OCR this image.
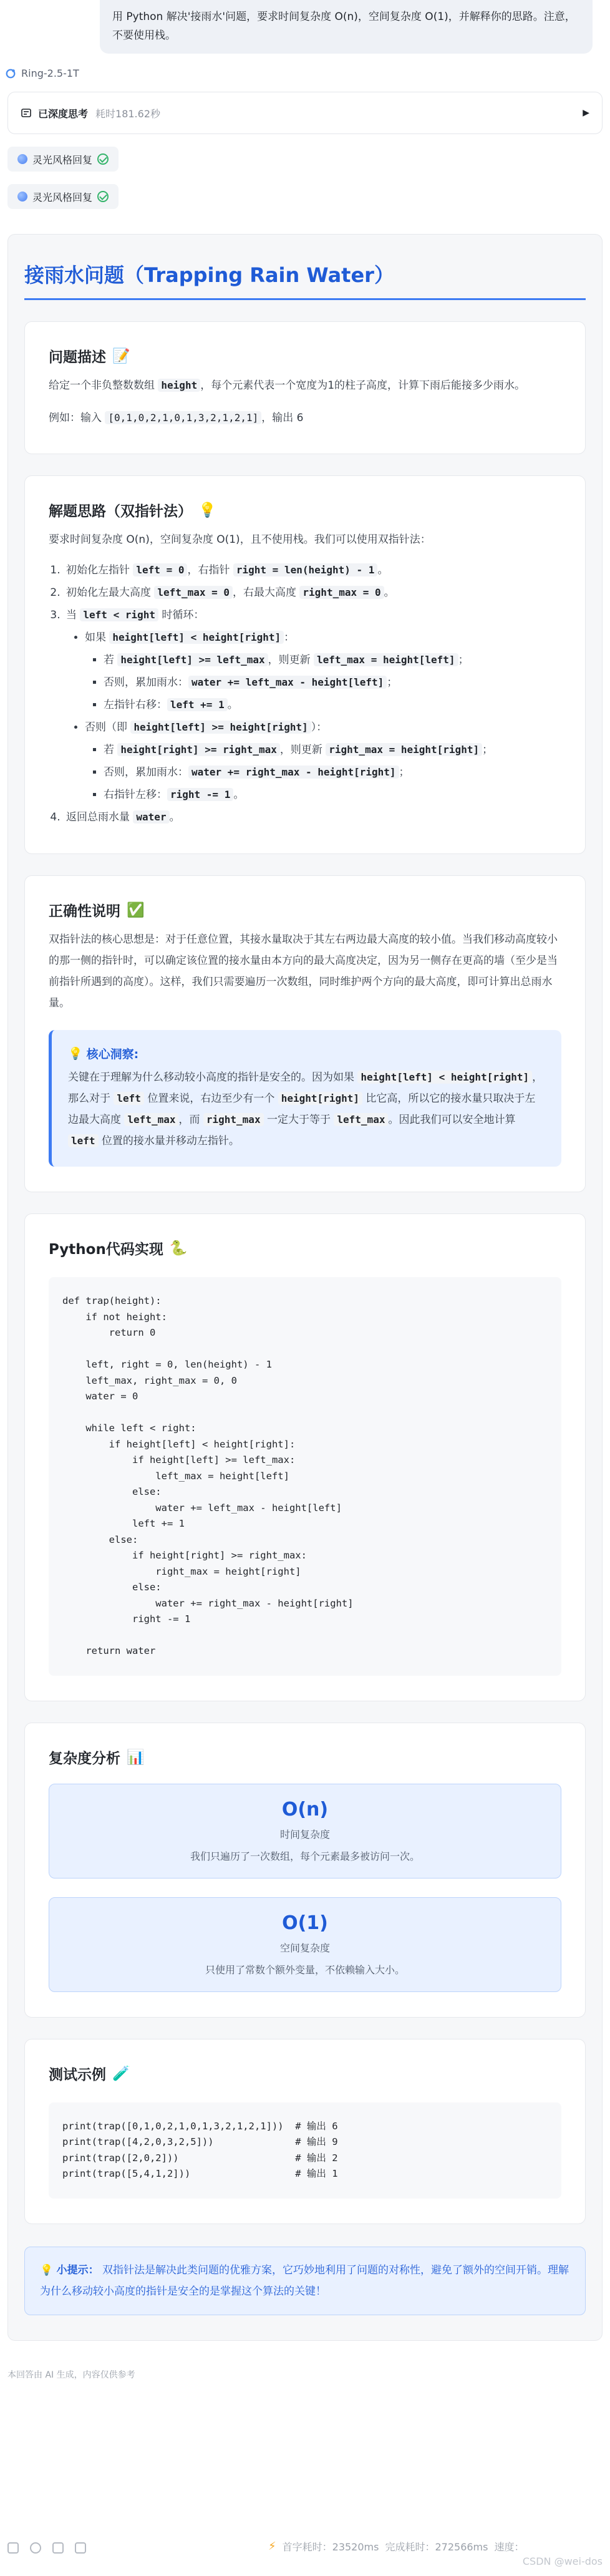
用 Python 解决'接雨水'问题，要求时间复杂度 O(n)，空间复杂度 O(1)，并解释你的思路。注意，不要使用栈。
Ring-2.5-1T
已深度思考 耗时181.62秒	▶
灵光风格回复
灵光风格回复
接雨水问题（Trapping Rain Water）
问题描述 📝

给定一个非负整数数组 height ，每个元素代表一个宽度为1的柱子高度，计算下雨后能接多少雨水。

例如：输入 [0,1,0,2,1,0,1,3,2,1,2,1] ，输出 6

解题思路（双指针法） 💡

要求时间复杂度 O(n)，空间复杂度 O(1)，且不使用栈。我们可以使用双指针法：

1. 初始化左指针 left = 0 ，右指针 right = len(height) - 1 。
2. 初始化左最大高度 left_max = 0 ，右最大高度 right_max = 0 。
3. 当 left < right 时循环：
• 如果 height[left] < height[right] ：
▪ 若 height[left] >= left_max ，则更新 left_max = height[left] ；
▪ 否则，累加雨水： water += left_max - height[left] ；
▪ 左指针右移： left += 1 。
• 否则（即 height[left] >= height[right] ）：
▪ 若 height[right] >= right_max ，则更新 right_max = height[right] ；
▪ 否则，累加雨水： water += right_max - height[right] ；
▪ 右指针左移： right -= 1 。
4. 返回总雨水量 water 。
正确性说明 ✅

双指针法的核心思想是：对于任意位置，其接水量取决于其左右两边最大高度的较小值。当我们移动高度较小的那一侧的指针时，可以确定该位置的接水量由本方向的最大高度决定，因为另一侧存在更高的墙（至少是当前指针所遇到的高度）。这样，我们只需要遍历一次数组，同时维护两个方向的最大高度，即可计算出总雨水量。

💡 核心洞察:

关键在于理解为什么移动较小高度的指针是安全的。因为如果 height[left] < height[right] ，那么对于 left 位置来说，右边至少有一个 height[right] 比它高，所以它的接水量只取决于左边最大高度 left_max ，而 right_max 一定大于等于 left_max 。因此我们可以安全地计算 left 位置的接水量并移动左指针。

Python代码实现 🐍
def trap(height):
if not height:
return 0

left, right = 0, len(height) - 1
left_max, right_max = 0, 0
water = 0

while left < right:
if height[left] < height[right]:
if height[left] >= left_max:
left_max = height[left]
else:
water += left_max - height[left]
left += 1
else:
if height[right] >= right_max:
right_max = height[right]
else:
water += right_max - height[right]
right -= 1

return water
复杂度分析 📊
O(n)
时间复杂度
我们只遍历了一次数组，每个元素最多被访问一次。
O(1)
空间复杂度
只使用了常数个额外变量，不依赖输入大小。
测试示例 🧪
print(trap([0,1,0,2,1,0,1,3,2,1,2,1]))  # 输出 6
print(trap([4,2,0,3,2,5]))              # 输出 9
print(trap([2,0,2]))                    # 输出 2
print(trap([5,4,1,2]))                  # 输出 1
💡 小提示： 双指针法是解决此类问题的优雅方案，它巧妙地利用了问题的对称性，避免了额外的空间开销。理解为什么移动较小高度的指针是安全的是掌握这个算法的关键！
本回答由 AI 生成，内容仅供参考
⚡ 首字耗时：23520ms 完成耗时：272566ms 速度：
CSDN @wei-dos
